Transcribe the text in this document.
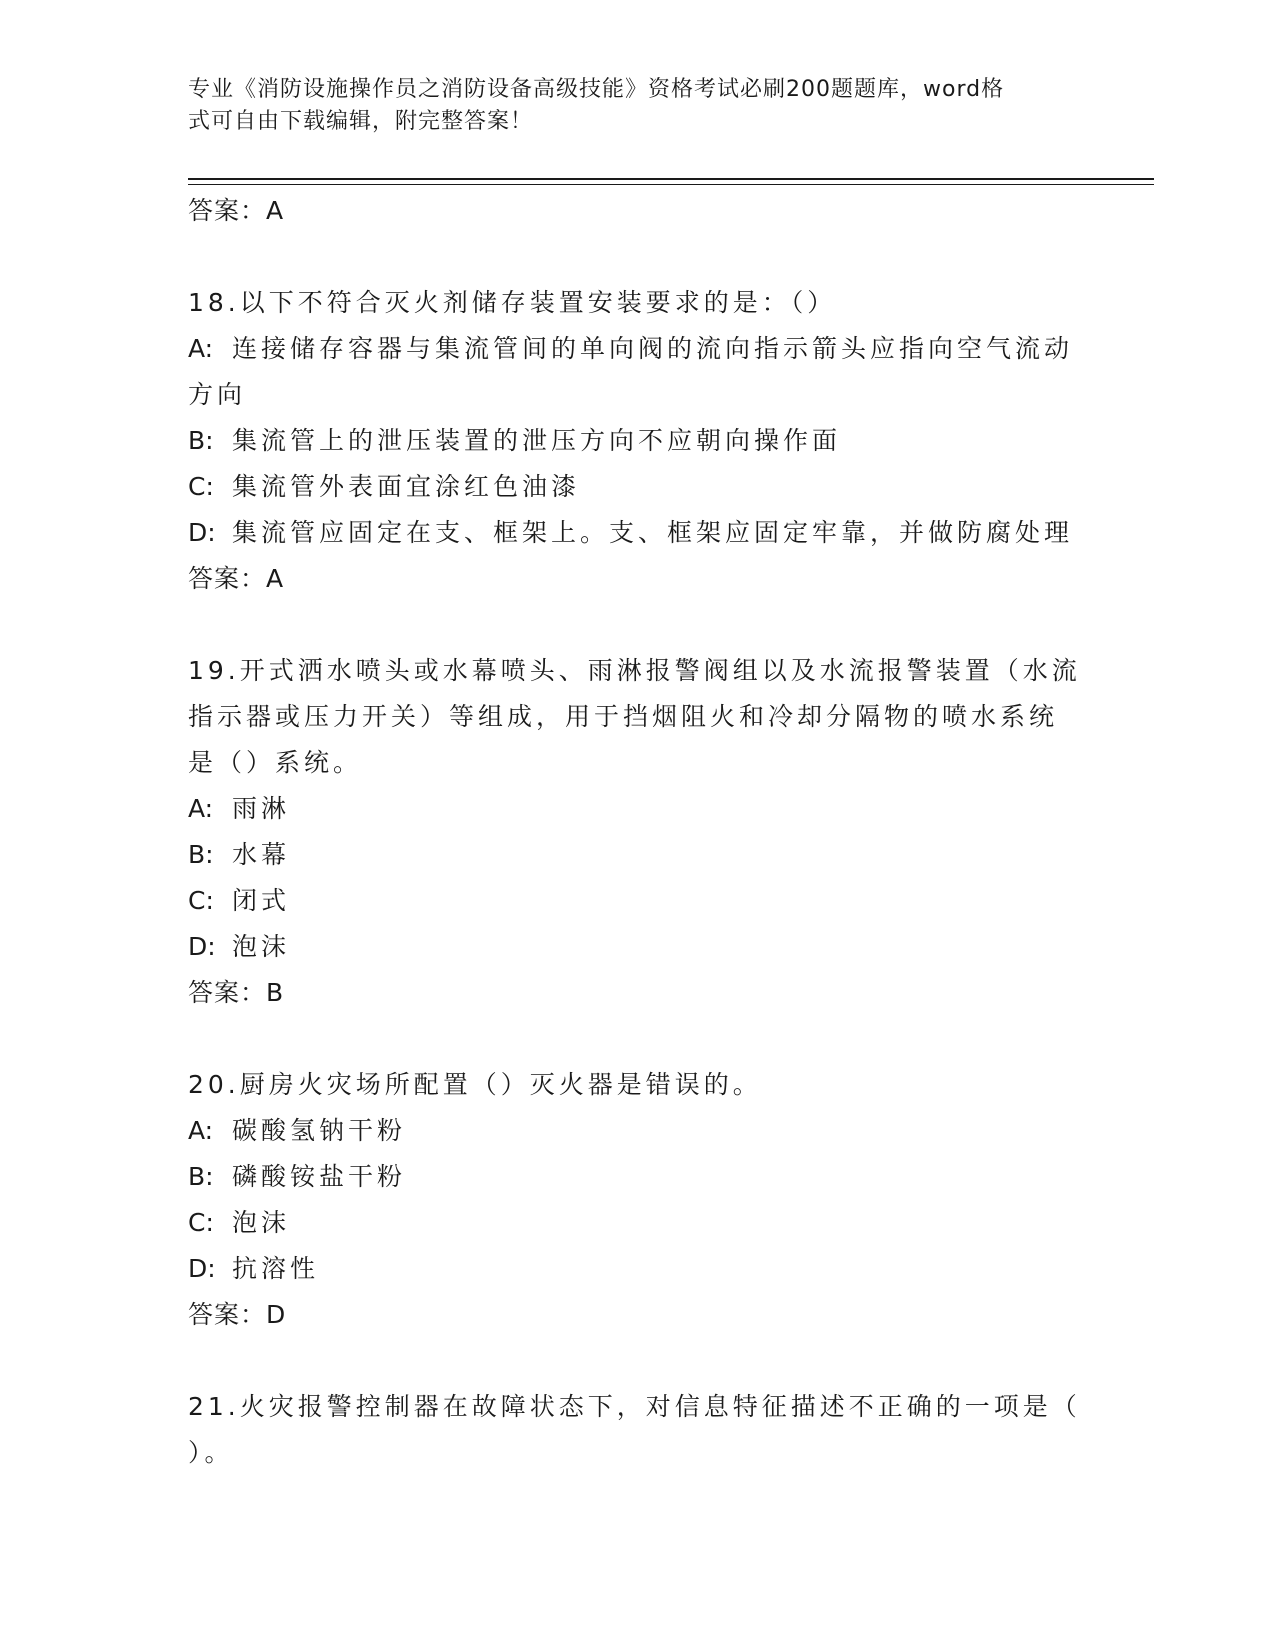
专业《消防设施操作员之消防设备高级技能》资格考试必刷200题题库，word格
式可自由下载编辑，附完整答案！
答案：A
18.以下不符合灭火剂储存装置安装要求的是：（）
A: 连接储存容器与集流管间的单向阀的流向指示箭头应指向空气流动
方向
B: 集流管上的泄压装置的泄压方向不应朝向操作面
C: 集流管外表面宜涂红色油漆
D: 集流管应固定在支、框架上。支、框架应固定牢靠，并做防腐处理
答案：A
19.开式洒水喷头或水幕喷头、雨淋报警阀组以及水流报警装置（水流
指示器或压力开关）等组成，用于挡烟阻火和冷却分隔物的喷水系统
是（）系统。
A: 雨淋
B: 水幕
C: 闭式
D: 泡沫
答案：B
20.厨房火灾场所配置（）灭火器是错误的。
A: 碳酸氢钠干粉
B: 磷酸铵盐干粉
C: 泡沫
D: 抗溶性
答案：D
21.火灾报警控制器在故障状态下，对信息特征描述不正确的一项是（
）。
